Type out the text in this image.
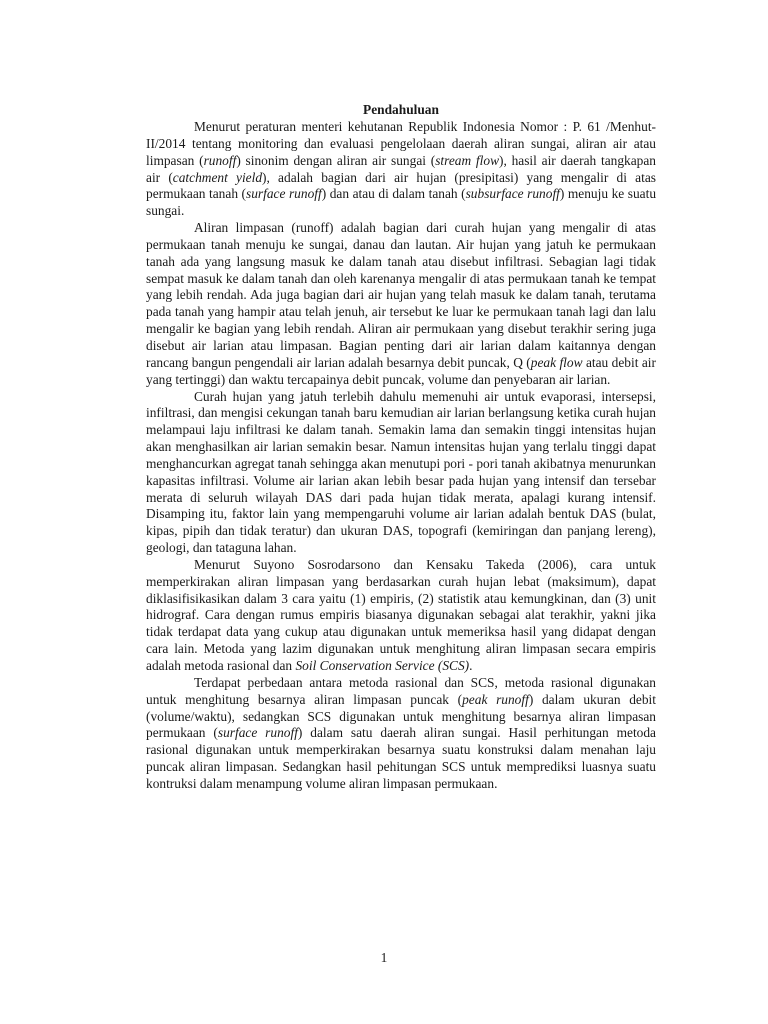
Pendahuluan

Menurut peraturan menteri kehutanan Republik Indonesia Nomor : P. 61 /Menhut-II/2014 tentang monitoring dan evaluasi pengelolaan daerah aliran sungai, aliran air atau limpasan (runoff) sinonim dengan aliran air sungai (stream flow), hasil air daerah tangkapan air (catchment yield), adalah bagian dari air hujan (presipitasi) yang mengalir di atas permukaan tanah (surface runoff) dan atau di dalam tanah (subsurface runoff) menuju ke suatu sungai.

Aliran limpasan (runoff) adalah bagian dari curah hujan yang mengalir di atas permukaan tanah menuju ke sungai, danau dan lautan. Air hujan yang jatuh ke permukaan tanah ada yang langsung masuk ke dalam tanah atau disebut infiltrasi. Sebagian lagi tidak sempat masuk ke dalam tanah dan oleh karenanya mengalir di atas permukaan tanah ke tempat yang lebih rendah. Ada juga bagian dari air hujan yang telah masuk ke dalam tanah, terutama pada tanah yang hampir atau telah jenuh, air tersebut ke luar ke permukaan tanah lagi dan lalu mengalir ke bagian yang lebih rendah. Aliran air permukaan yang disebut terakhir sering juga disebut air larian atau limpasan. Bagian penting dari air larian dalam kaitannya dengan rancang bangun pengendali air larian adalah besarnya debit puncak, Q (peak flow atau debit air yang tertinggi) dan waktu tercapainya debit puncak, volume dan penyebaran air larian.

Curah hujan yang jatuh terlebih dahulu memenuhi air untuk evaporasi, intersepsi, infiltrasi, dan mengisi cekungan tanah baru kemudian air larian berlangsung ketika curah hujan melampaui laju infiltrasi ke dalam tanah. Semakin lama dan semakin tinggi intensitas hujan akan menghasilkan air larian semakin besar. Namun intensitas hujan yang terlalu tinggi dapat menghancurkan agregat tanah sehingga akan menutupi pori - pori tanah akibatnya menurunkan kapasitas infiltrasi. Volume air larian akan lebih besar pada hujan yang intensif dan tersebar merata di seluruh wilayah DAS dari pada hujan tidak merata, apalagi kurang intensif. Disamping itu, faktor lain yang mempengaruhi volume air larian adalah bentuk DAS (bulat, kipas, pipih dan tidak teratur) dan ukuran DAS, topografi (kemiringan dan panjang lereng), geologi, dan tataguna lahan.

Menurut Suyono Sosrodarsono dan Kensaku Takeda (2006), cara untuk memperkirakan aliran limpasan yang berdasarkan curah hujan lebat (maksimum), dapat diklasifisikasikan dalam 3 cara yaitu (1) empiris, (2) statistik atau kemungkinan, dan (3) unit hidrograf. Cara dengan rumus empiris biasanya digunakan sebagai alat terakhir, yakni jika tidak terdapat data yang cukup atau digunakan untuk memeriksa hasil yang didapat dengan cara lain. Metoda yang lazim digunakan untuk menghitung aliran limpasan secara empiris adalah metoda rasional dan Soil Conservation Service (SCS).

Terdapat perbedaan antara metoda rasional dan SCS, metoda rasional digunakan untuk menghitung besarnya aliran limpasan puncak (peak runoff) dalam ukuran debit (volume/waktu), sedangkan SCS digunakan untuk menghitung besarnya aliran limpasan permukaan (surface runoff) dalam satu daerah aliran sungai. Hasil perhitungan metoda rasional digunakan untuk memperkirakan besarnya suatu konstruksi dalam menahan laju puncak aliran limpasan. Sedangkan hasil pehitungan SCS untuk memprediksi luasnya suatu kontruksi dalam menampung volume aliran limpasan permukaan.

1
